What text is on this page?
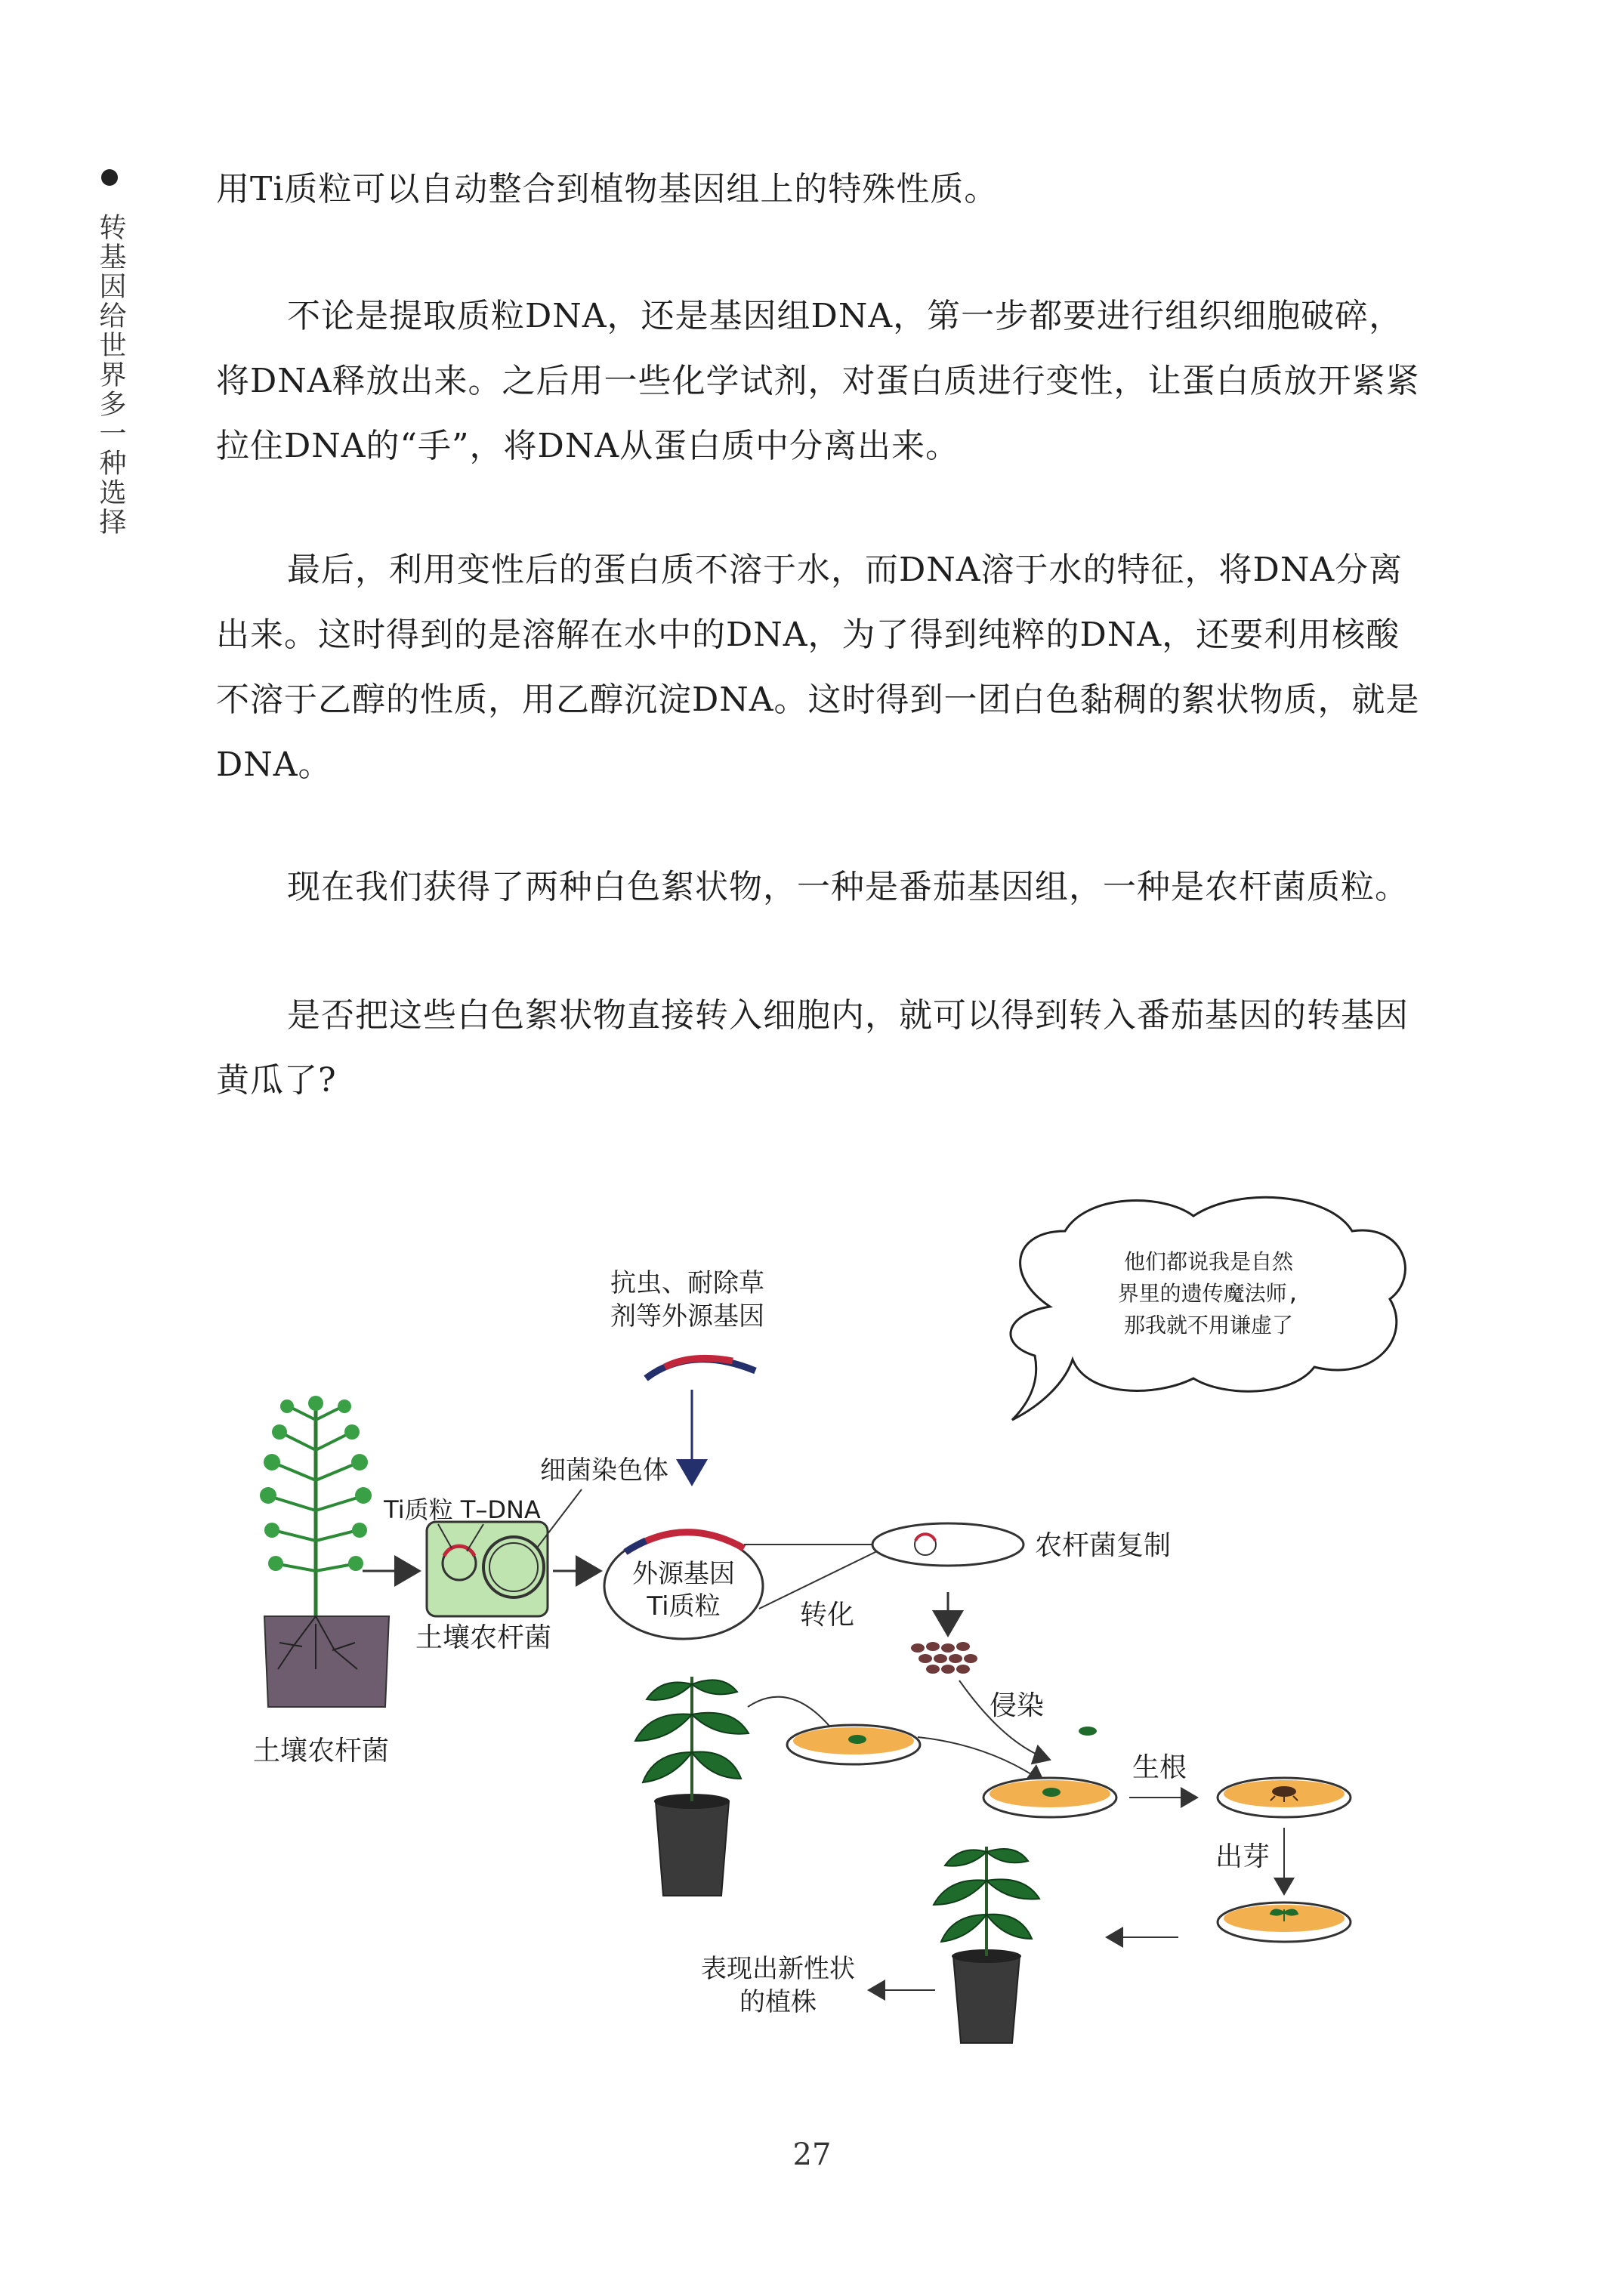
转基因给世界多一种选择

用Ti质粒可以自动整合到植物基因组上的特殊性质。

不论是提取质粒DNA，还是基因组DNA，第一步都要进行组织细胞破碎，将DNA释放出来。之后用一些化学试剂，对蛋白质进行变性，让蛋白质放开紧紧拉住DNA的“手”，将DNA从蛋白质中分离出来。

最后，利用变性后的蛋白质不溶于水，而DNA溶于水的特征，将DNA分离出来。这时得到的是溶解在水中的DNA，为了得到纯粹的DNA，还要利用核酸不溶于乙醇的性质，用乙醇沉淀DNA。这时得到一团白色黏稠的絮状物质，就是DNA。

现在我们获得了两种白色絮状物，一种是番茄基因组，一种是农杆菌质粒。

是否把这些白色絮状物直接转入细胞内，就可以得到转入番茄基因的转基因黄瓜了?

他们都说我是自然
界里的遗传魔法师,
那我就不用谦虚了
抗虫、耐除草
剂等外源基因
土壤农杆菌
Ti质粒 T–DNA
土壤农杆菌
细菌染色体
外源基因
Ti质粒	转化
农杆菌复制
侵染
生根
出芽
表现出新性状
的植株
27
